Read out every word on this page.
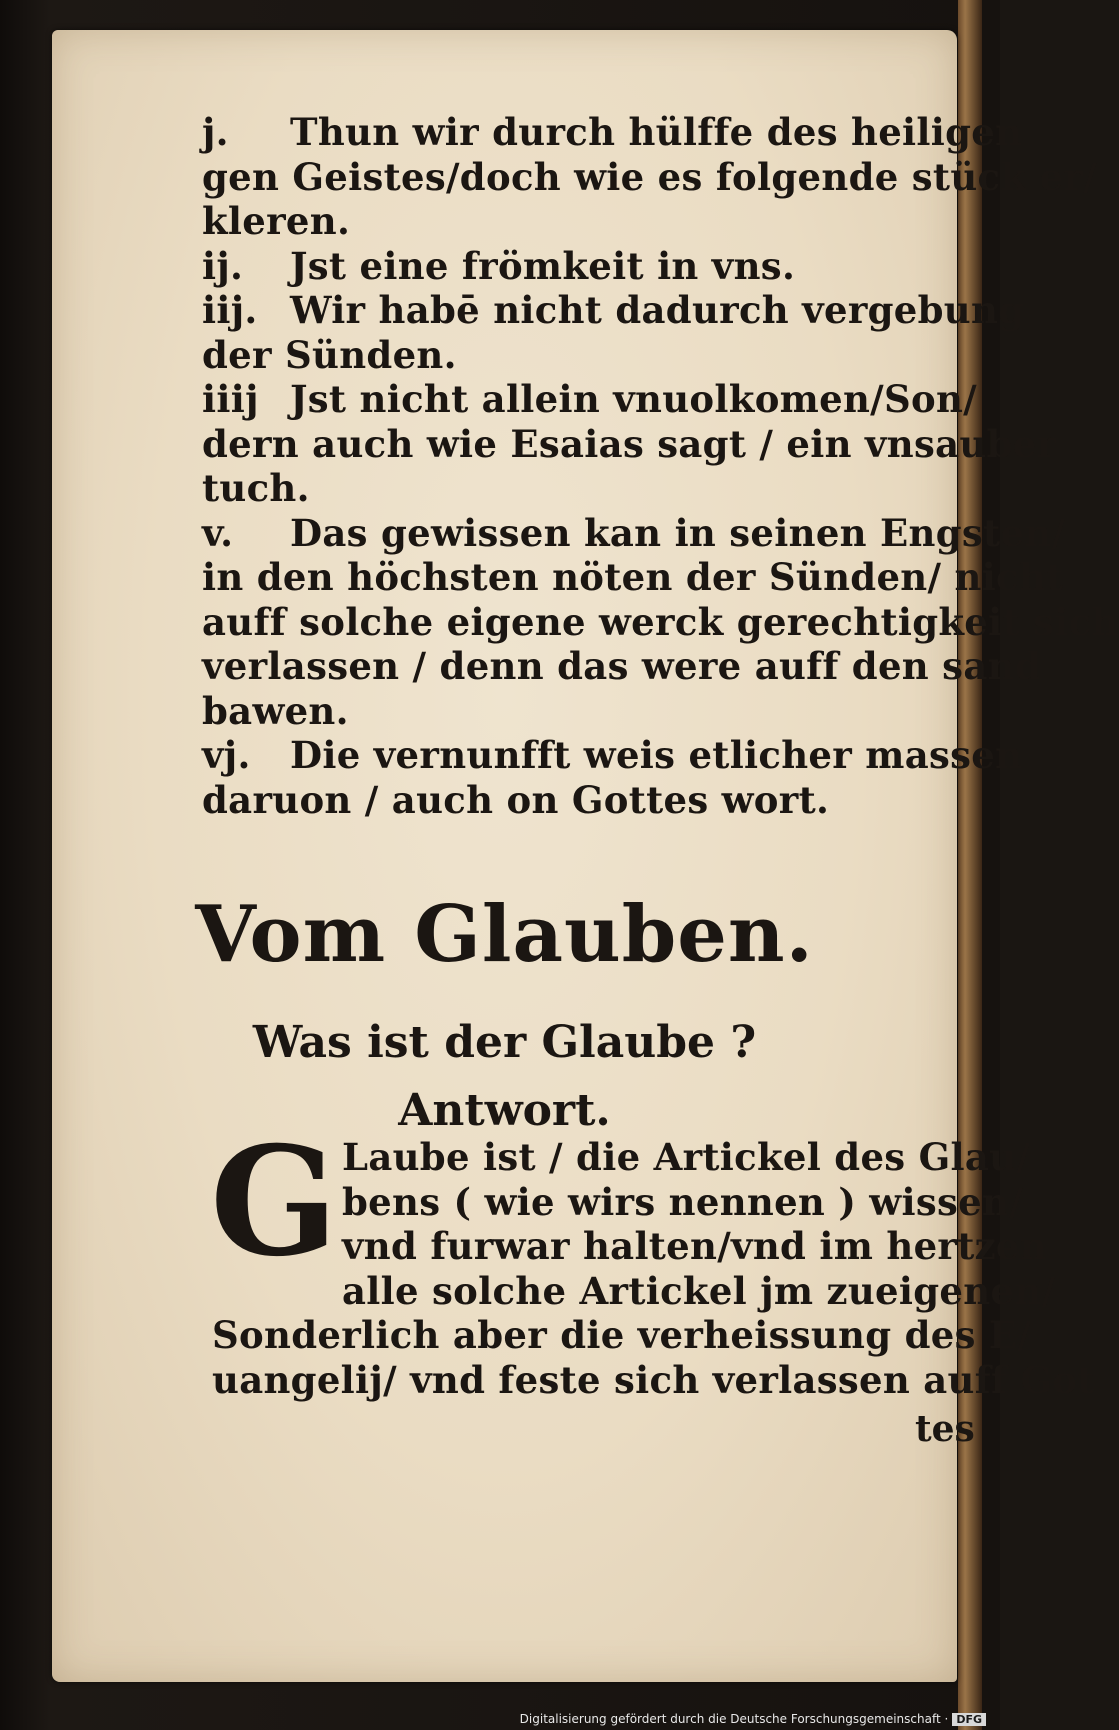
j. Thun wir durch hülffe des heiligen
gen Geistes/doch wie es folgende stück er/
kleren.
ij. Jst eine frömkeit in vns.
iij. Wir habē nicht dadurch vergebung
der Sünden.
iiij Jst nicht allein vnuolkomen/Son/
dern auch wie Esaias sagt / ein vnsauber
tuch.
v. Das gewissen kan in seinen Engsten/
in den höchsten nöten der Sünden/ nicht
auff solche eigene werck gerechtigkeit sich
verlassen / denn das were auff den sand
bawen.
vj. Die vernunfft weis etlicher massen
daruon / auch on Gottes wort.
Vom Glauben.
Was ist der Glaube ?
Antwort.
G Laube ist / die Artickel des Glau/
bens ( wie wirs nennen ) wissen/
vnd furwar halten/vnd im hertzen
alle solche Artickel jm zueigenen/
Sonderlich aber die verheissung des E/
uangelij/ vnd feste sich verlassen auff Got
tes
Digitalisierung gefördert durch die Deutsche Forschungsgemeinschaft · DFG
